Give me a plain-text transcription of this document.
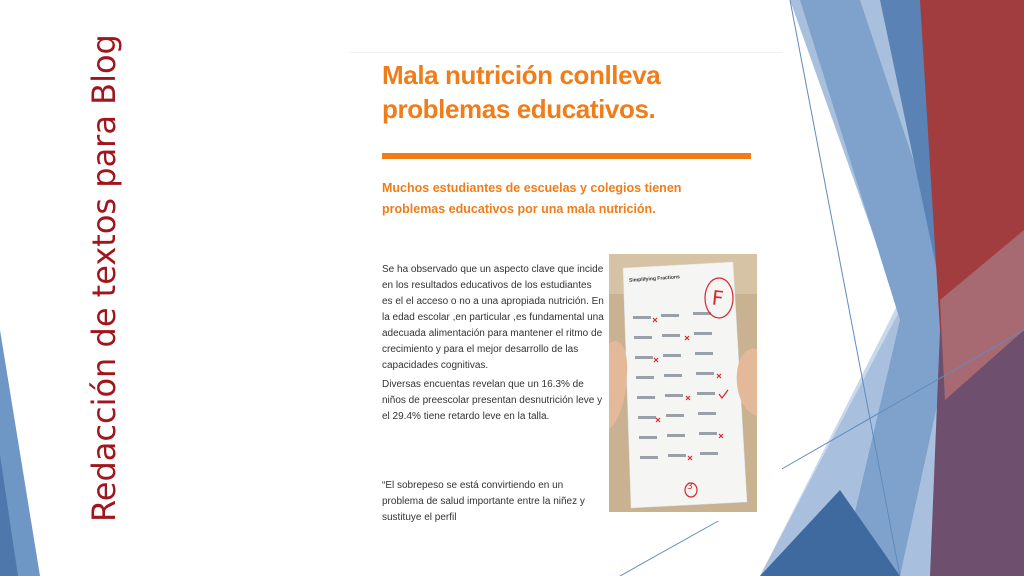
Redacción de textos para Blog	Mala nutrición conlleva problemas educativos.
Muchos estudiantes de escuelas y colegios tienen problemas educativos por una mala nutrición.
Se ha observado que un aspecto clave que incide en los resultados educativos de los estudiantes es el el acceso o no a una apropiada nutrición. En la edad escolar ,en particular ,es fundamental una adecuada alimentación para mantener el ritmo de crecimiento y para el mejor desarrollo de las capacidades cognitivas.
Diversas encuentas revelan que un 16.3% de niños de preescolar presentan desnutrición leve y el 29.4% tiene retardo leve en la talla.
“El sobrepeso se está convirtiendo en un problema de salud importante entre la niñez y sustituye el perfil
Simplifying Fractions
F
3
